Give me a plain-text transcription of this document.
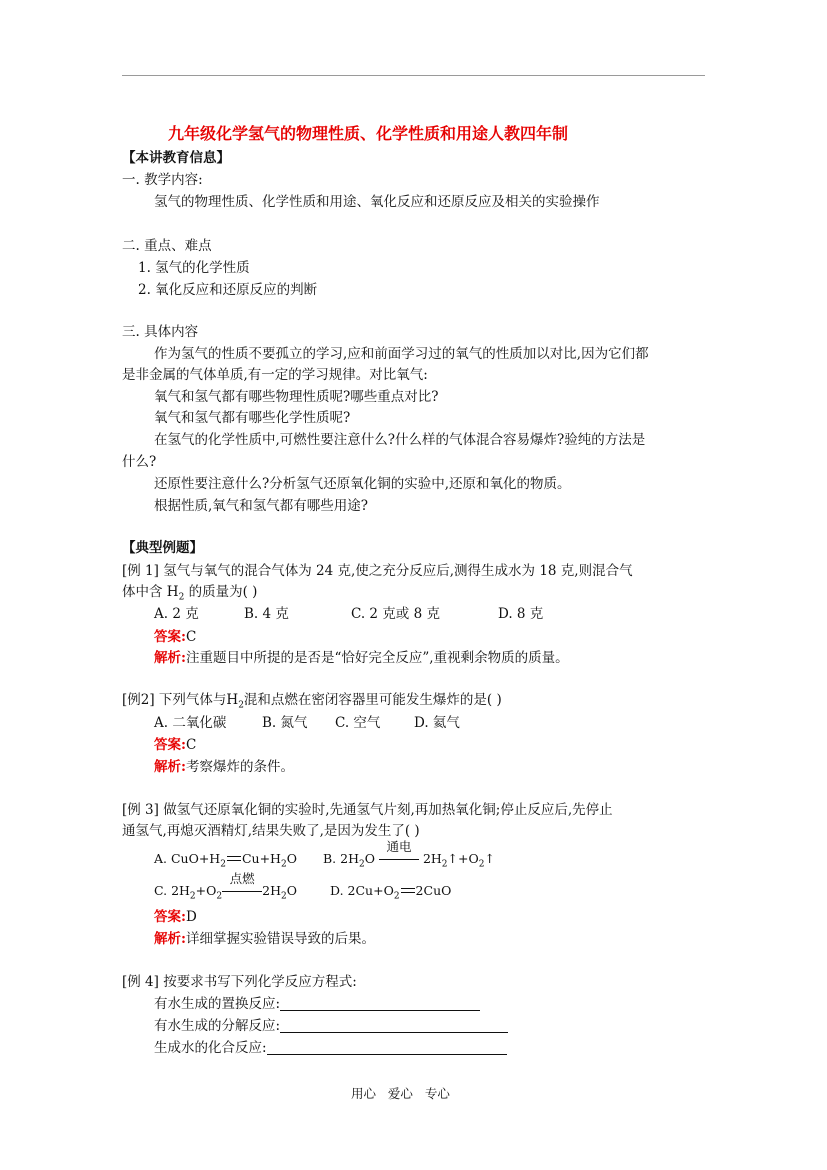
九年级化学氢气的物理性质、化学性质和用途人教四年制
【本讲教育信息】
一. 教学内容:
氢气的物理性质、化学性质和用途、氧化反应和还原反应及相关的实验操作
二. 重点、难点
1. 氢气的化学性质
2. 氧化反应和还原反应的判断
三. 具体内容
作为氢气的性质不要孤立的学习,应和前面学习过的氧气的性质加以对比,因为它们都
是非金属的气体单质,有一定的学习规律。对比氧气:
氧气和氢气都有哪些物理性质呢?哪些重点对比?
氧气和氢气都有哪些化学性质呢?
在氢气的化学性质中,可燃性要注意什么?什么样的气体混合容易爆炸?验纯的方法是
什么?
还原性要注意什么?分析氢气还原氧化铜的实验中,还原和氧化的物质。
根据性质,氧气和氢气都有哪些用途?
【典型例题】
[例 1] 氢气与氧气的混合气体为 24 克,使之充分反应后,测得生成水为 18 克,则混合气
体中含 $H_2$ 的质量为( )
A. 2 克	B. 4 克	C. 2 克或 8 克	D. 8 克
答案:C
解析:注重题目中所提的是否是“恰好完全反应”,重视剩余物质的质量。
[例2] 下列气体与$H_2$混和点燃在密闭容器里可能发生爆炸的是( )
A. 二氧化碳	B. 氮气 C. 空气 D. 氦气
答案:C
解析:考察爆炸的条件。
[例 3] 做氢气还原氧化铜的实验时,先通氢气片刻,再加热氧化铜;停止反应后,先停止
通氢气,再熄灭酒精灯,结果失败了,是因为发生了( )
A. $CuO+H_2$ $Cu+H_2O$ B. $2H_2O$
通电
$2H_2↑+O_2↑$
C. $2H_2+O_2$
点燃
$2H_2O$	D. $2Cu+O_2$ 2CuO
答案:D
解析:详细掌握实验错误导致的后果。
[例 4] 按要求书写下列化学反应方程式:
有水生成的置换反应:
有水生成的分解反应:
生成水的化合反应:
用心   爱心   专心
